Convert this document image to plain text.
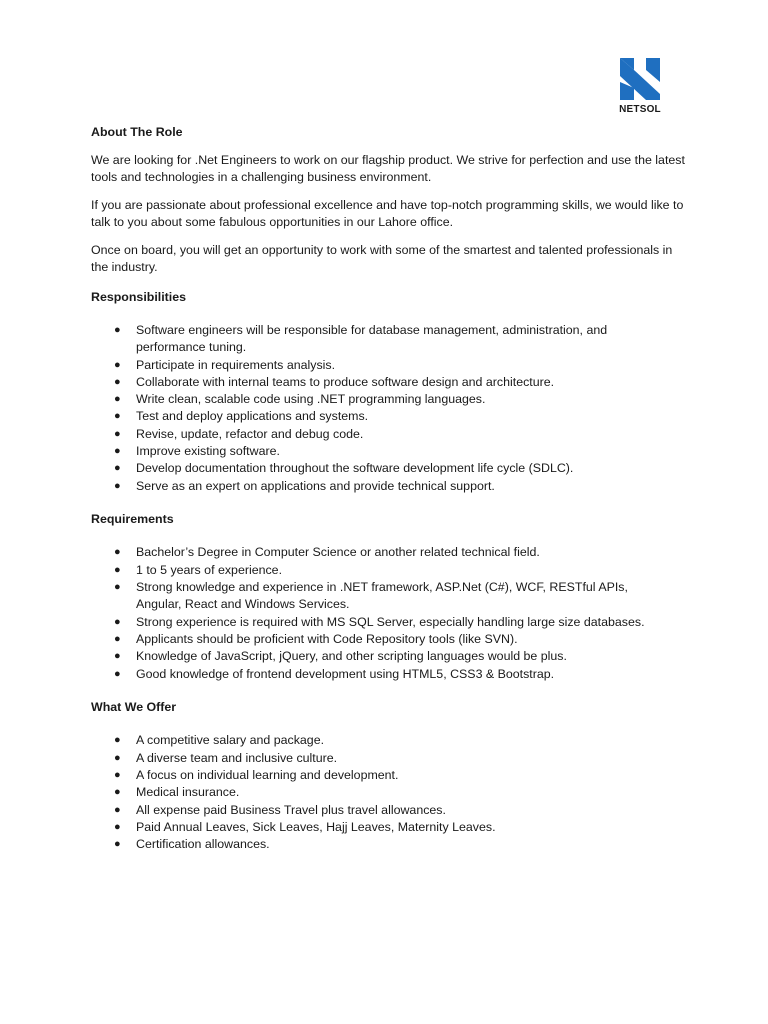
NETSOL
About The Role

We are looking for .Net Engineers to work on our flagship product. We strive for perfection and use the latest tools and technologies in a challenging business environment.

If you are passionate about professional excellence and have top-notch programming skills, we would like to talk to you about some fabulous opportunities in our Lahore office.

Once on board, you will get an opportunity to work with some of the smartest and talented professionals in the industry.

Responsibilities
● Software engineers will be responsible for database management, administration, and performance tuning.
● Participate in requirements analysis.
● Collaborate with internal teams to produce software design and architecture.
● Write clean, scalable code using .NET programming languages.
● Test and deploy applications and systems.
● Revise, update, refactor and debug code.
● Improve existing software.
● Develop documentation throughout the software development life cycle (SDLC).
● Serve as an expert on applications and provide technical support.
Requirements
● Bachelor’s Degree in Computer Science or another related technical field.
● 1 to 5 years of experience.
● Strong knowledge and experience in .NET framework, ASP.Net (C#), WCF, RESTful APIs, Angular, React and Windows Services.
● Strong experience is required with MS SQL Server, especially handling large size databases.
● Applicants should be proficient with Code Repository tools (like SVN).
● Knowledge of JavaScript, jQuery, and other scripting languages would be plus.
● Good knowledge of frontend development using HTML5, CSS3 & Bootstrap.
What We Offer
● A competitive salary and package.
● A diverse team and inclusive culture.
● A focus on individual learning and development.
● Medical insurance.
● All expense paid Business Travel plus travel allowances.
● Paid Annual Leaves, Sick Leaves, Hajj Leaves, Maternity Leaves.
● Certification allowances.
